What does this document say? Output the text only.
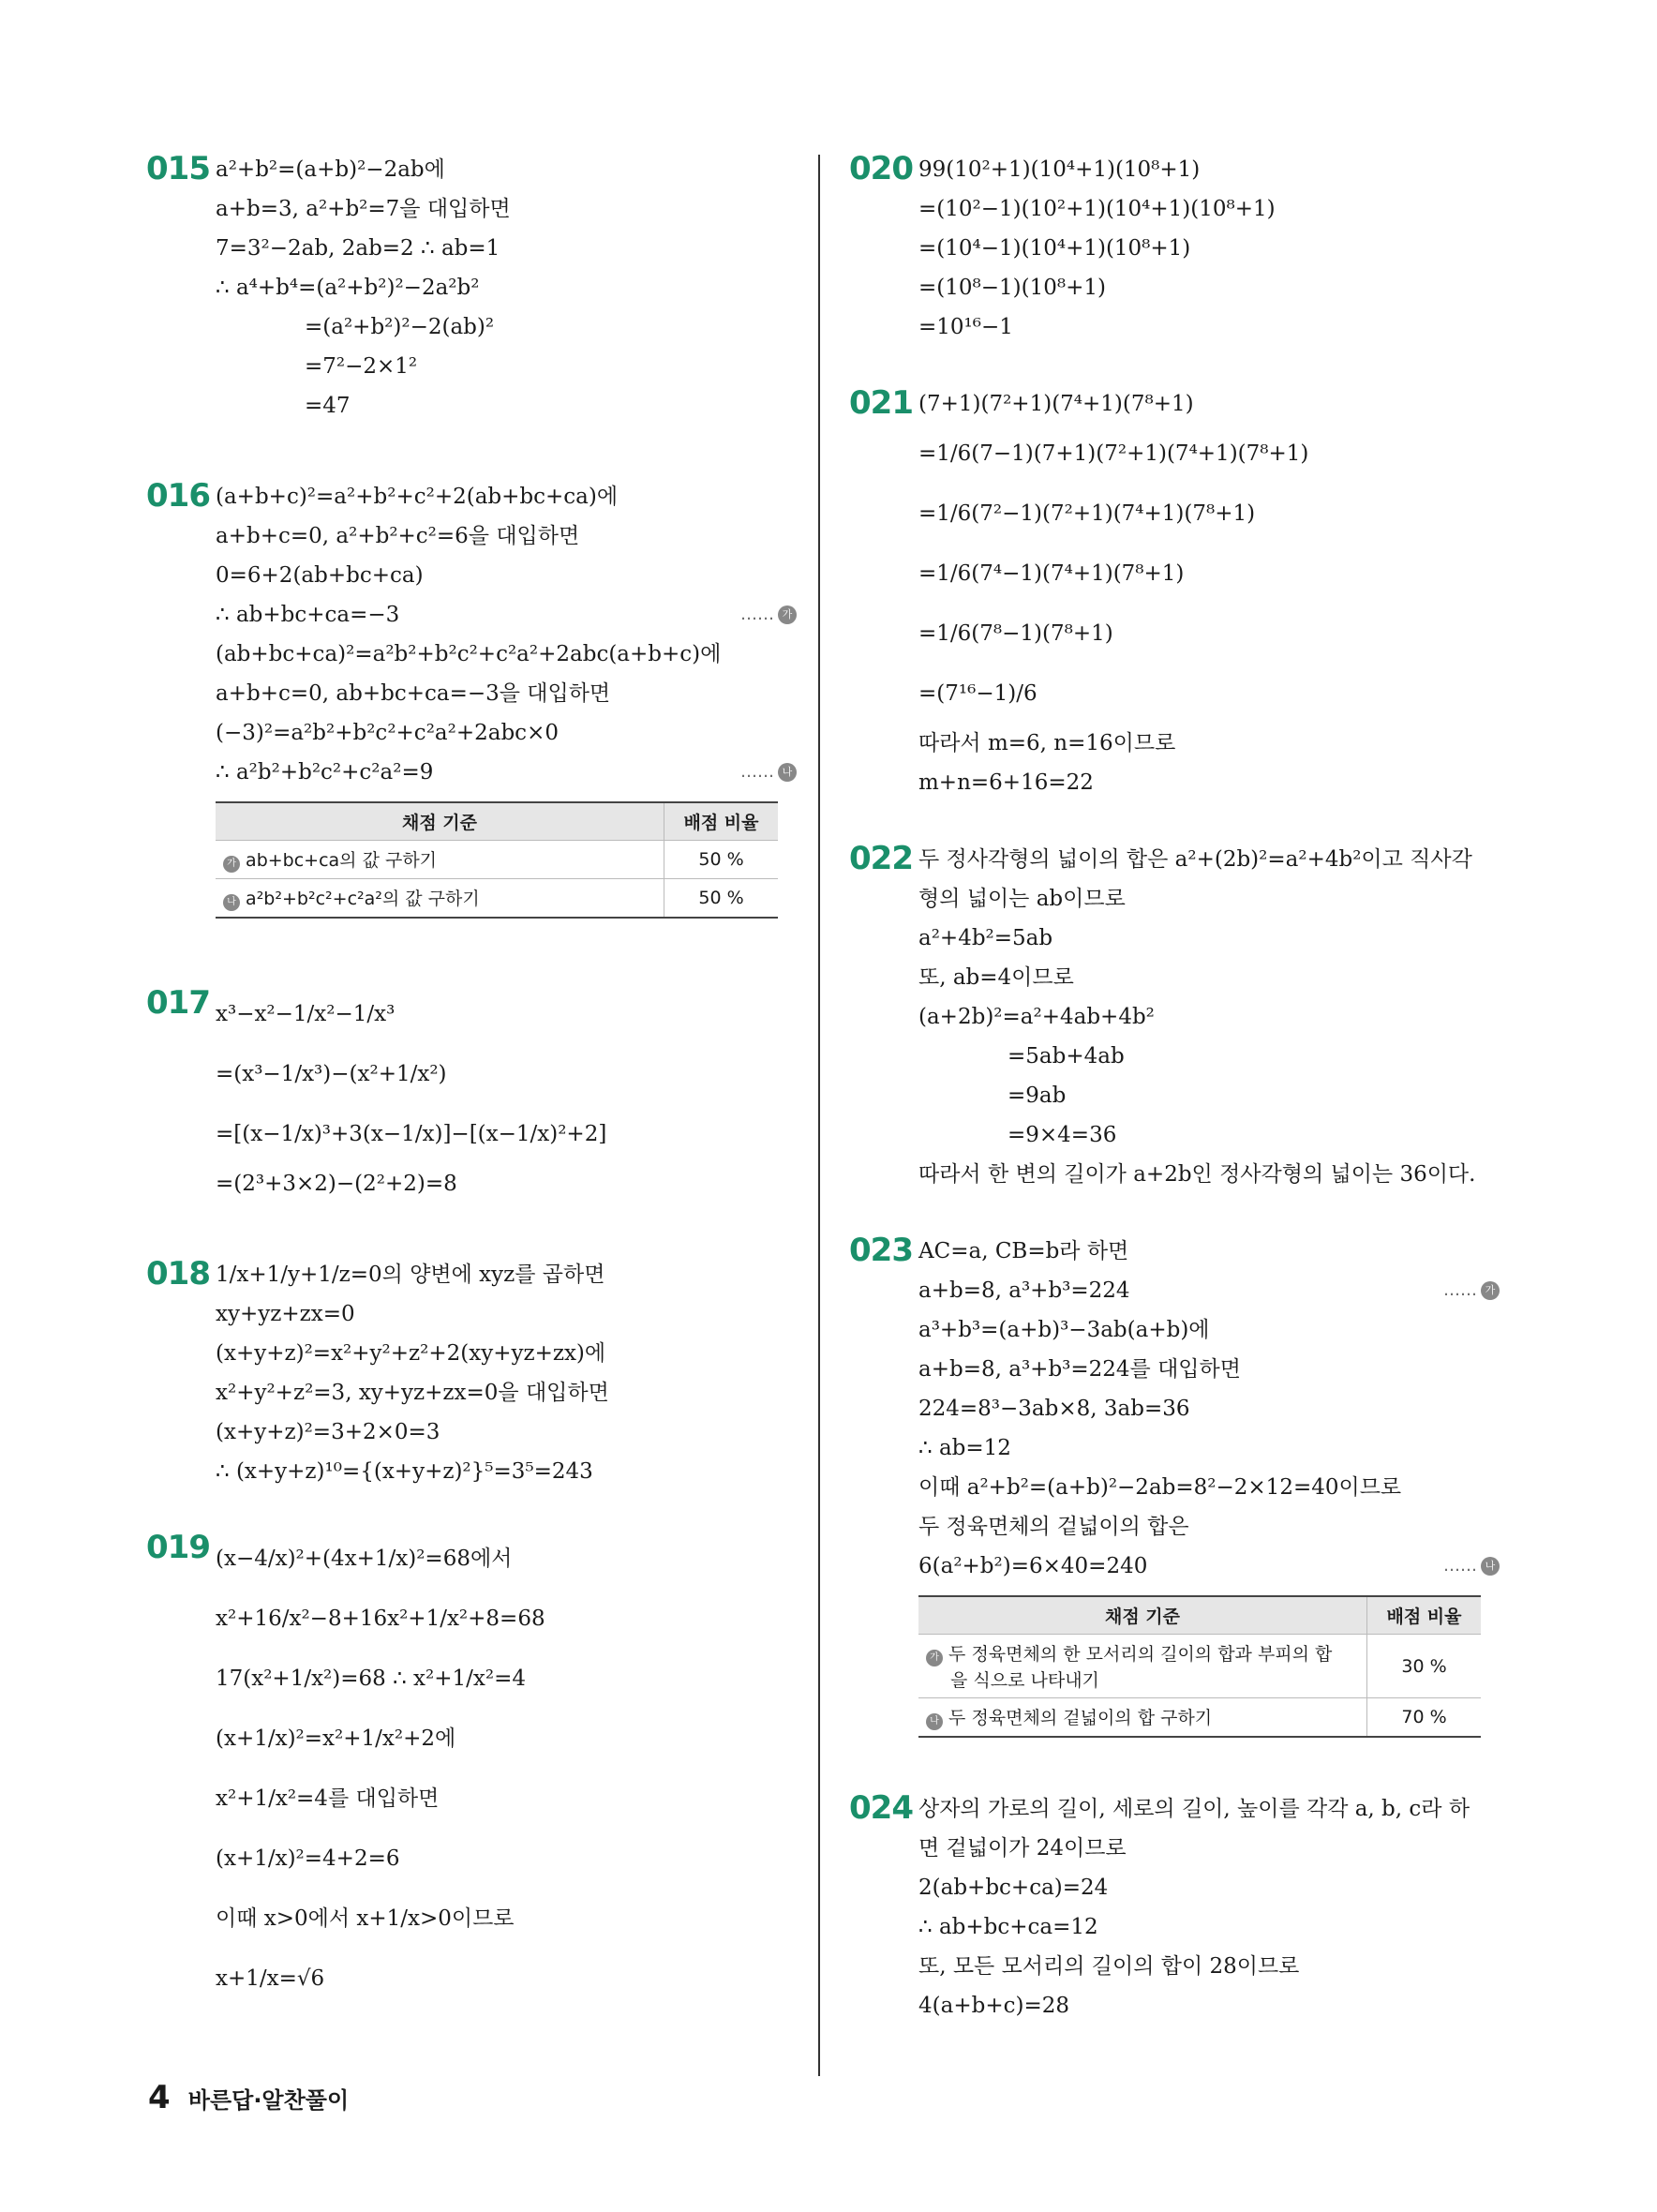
015 a²+b²=(a+b)²−2ab에
a+b=3, a²+b²=7을 대입하면
7=3²−2ab, 2ab=2 ∴ ab=1
∴ a⁴+b⁴=(a²+b²)²−2a²b²
=(a²+b²)²−2(ab)²
=7²−2×1²
=47
016 (a+b+c)²=a²+b²+c²+2(ab+bc+ca)에
a+b+c=0, a²+b²+c²=6을 대입하면
0=6+2(ab+bc+ca)
∴ ab+bc+ca=−3	…… 가
(ab+bc+ca)²=a²b²+b²c²+c²a²+2abc(a+b+c)에
a+b+c=0, ab+bc+ca=−3을 대입하면
(−3)²=a²b²+b²c²+c²a²+2abc×0
∴ a²b²+b²c²+c²a²=9	…… 나
채점 기준	배점 비율
가 ab+bc+ca의 값 구하기	50 %
나 a²b²+b²c²+c²a²의 값 구하기	50 %
017 x³−x²−1/x²−1/x³
=(x³−1/x³)−(x²+1/x²)
=[(x−1/x)³+3(x−1/x)]−[(x−1/x)²+2]
=(2³+3×2)−(2²+2)=8
018 1/x+1/y+1/z=0의 양변에 xyz를 곱하면
xy+yz+zx=0
(x+y+z)²=x²+y²+z²+2(xy+yz+zx)에
x²+y²+z²=3, xy+yz+zx=0을 대입하면
(x+y+z)²=3+2×0=3
∴ (x+y+z)¹⁰={(x+y+z)²}⁵=3⁵=243
019 (x−4/x)²+(4x+1/x)²=68에서
x²+16/x²−8+16x²+1/x²+8=68
17(x²+1/x²)=68 ∴ x²+1/x²=4
(x+1/x)²=x²+1/x²+2에
x²+1/x²=4를 대입하면
(x+1/x)²=4+2=6
이때 x>0에서 x+1/x>0이므로
x+1/x=√6
020 99(10²+1)(10⁴+1)(10⁸+1)
=(10²−1)(10²+1)(10⁴+1)(10⁸+1)
=(10⁴−1)(10⁴+1)(10⁸+1)
=(10⁸−1)(10⁸+1)
=10¹⁶−1
021 (7+1)(7²+1)(7⁴+1)(7⁸+1)
=1/6(7−1)(7+1)(7²+1)(7⁴+1)(7⁸+1)
=1/6(7²−1)(7²+1)(7⁴+1)(7⁸+1)
=1/6(7⁴−1)(7⁴+1)(7⁸+1)
=1/6(7⁸−1)(7⁸+1)
=(7¹⁶−1)/6
따라서 m=6, n=16이므로
m+n=6+16=22
022 두 정사각형의 넓이의 합은 a²+(2b)²=a²+4b²이고 직사각
형의 넓이는 ab이므로
a²+4b²=5ab
또, ab=4이므로
(a+2b)²=a²+4ab+4b²
=5ab+4ab
=9ab
=9×4=36
따라서 한 변의 길이가 a+2b인 정사각형의 넓이는 36이다.
023 AC=a, CB=b라 하면
a+b=8, a³+b³=224	…… 가
a³+b³=(a+b)³−3ab(a+b)에
a+b=8, a³+b³=224를 대입하면
224=8³−3ab×8, 3ab=36
∴ ab=12
이때 a²+b²=(a+b)²−2ab=8²−2×12=40이므로
두 정육면체의 겉넓이의 합은
6(a²+b²)=6×40=240	…… 나
채점 기준	배점 비율
가 두 정육면체의 한 모서리의 길이의 합과 부피의 합
을 식으로 나타내기	30 %
나 두 정육면체의 겉넓이의 합 구하기	70 %
024 상자의 가로의 길이, 세로의 길이, 높이를 각각 a, b, c라 하
면 겉넓이가 24이므로
2(ab+bc+ca)=24
∴ ab+bc+ca=12
또, 모든 모서리의 길이의 합이 28이므로
4(a+b+c)=28
4 바른답·알찬풀이
